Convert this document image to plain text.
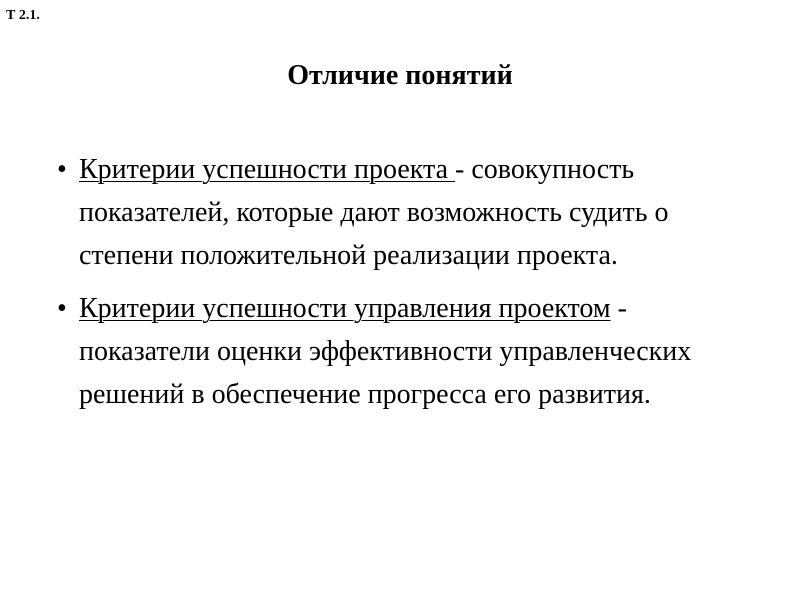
Т 2.1.
Отличие понятий
• Критерии успешности проекта - совокупность показателей, которые дают возможность судить о степени положительной реализации проекта.
• Критерии успешности управления проектом - показатели оценки эффективности управленческих решений в обеспечение прогресса его развития.
